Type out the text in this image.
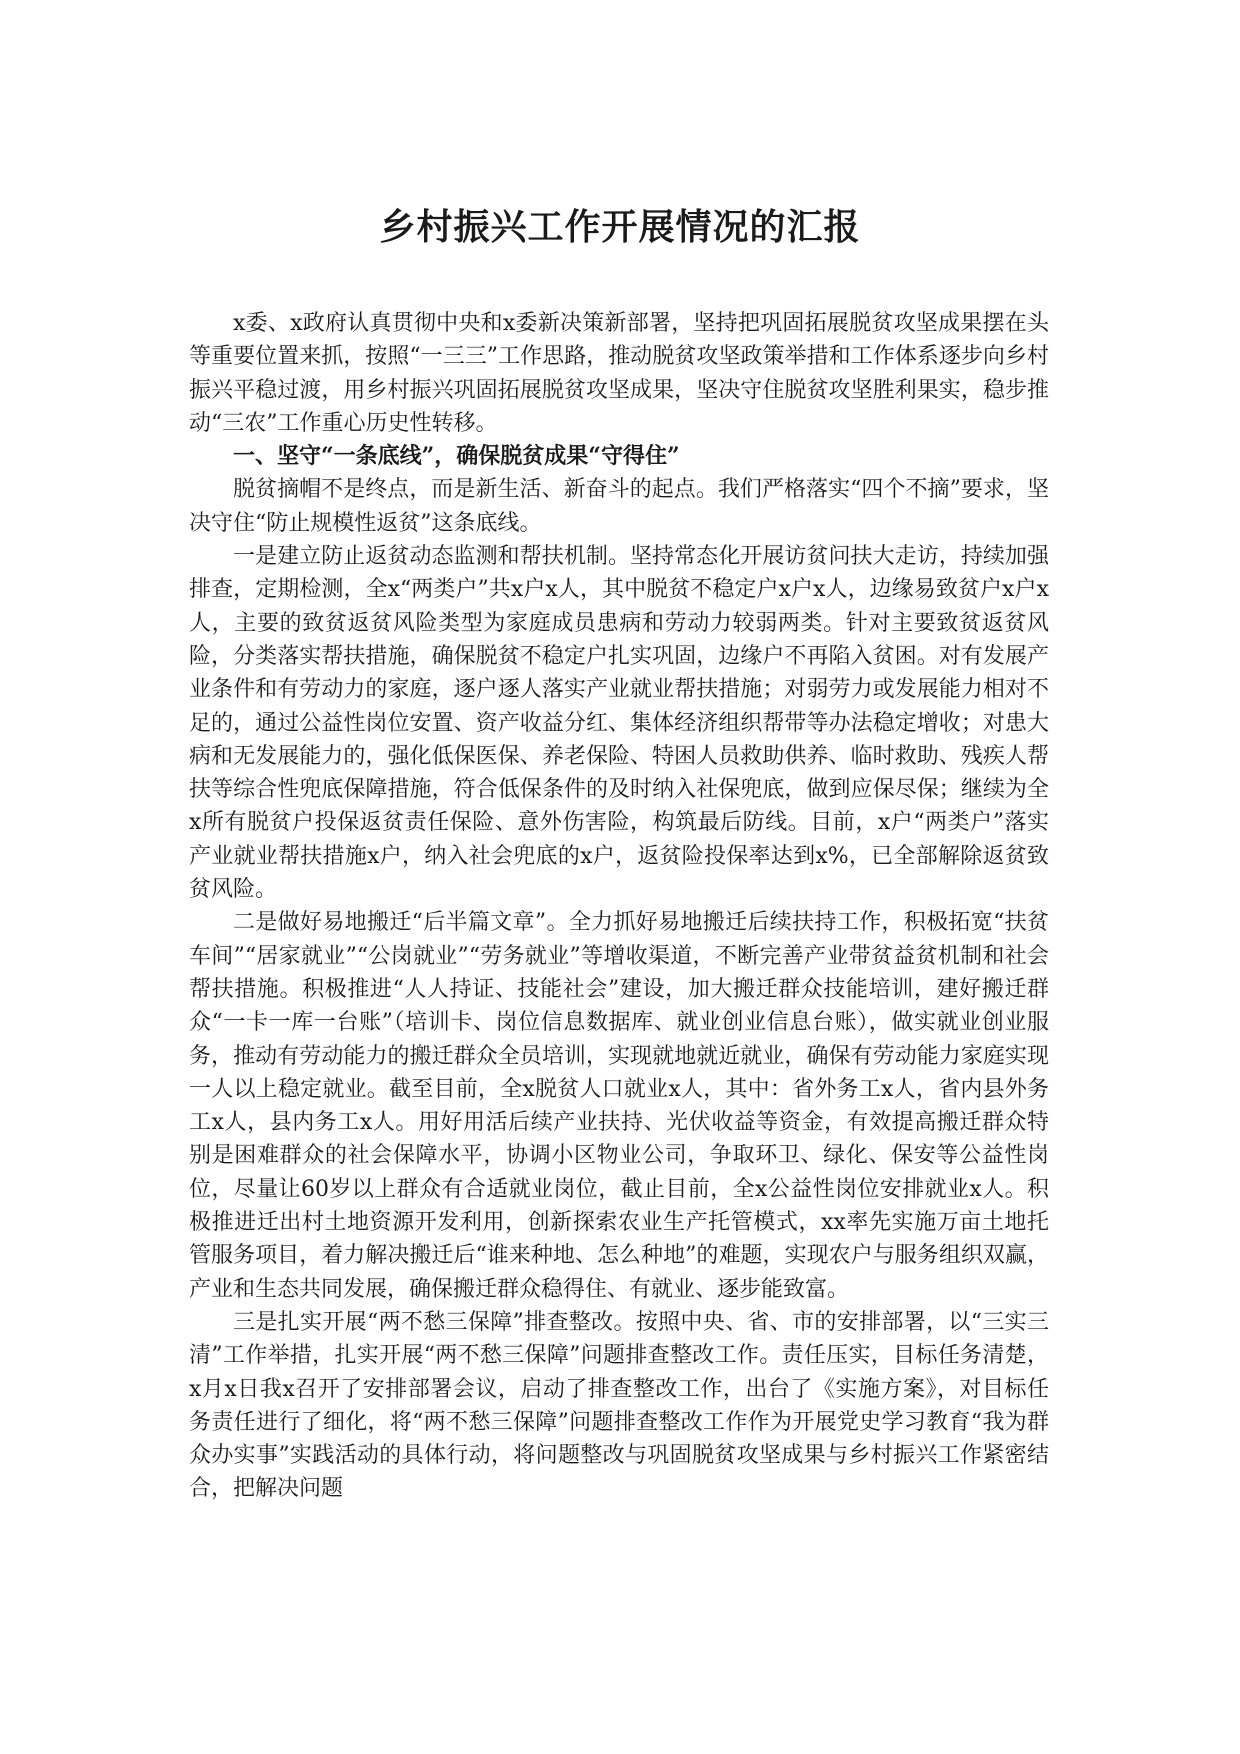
乡村振兴工作开展情况的汇报

x委、x政府认真贯彻中央和x委新决策新部署，坚持把巩固拓展脱贫攻坚成果摆在头等重要位置来抓，按照“一三三”工作思路，推动脱贫攻坚政策举措和工作体系逐步向乡村振兴平稳过渡，用乡村振兴巩固拓展脱贫攻坚成果，坚决守住脱贫攻坚胜利果实，稳步推动“三农”工作重心历史性转移。

一、坚守“一条底线”，确保脱贫成果“守得住”

脱贫摘帽不是终点，而是新生活、新奋斗的起点。我们严格落实“四个不摘”要求，坚决守住“防止规模性返贫”这条底线。

一是建立防止返贫动态监测和帮扶机制。坚持常态化开展访贫问扶大走访，持续加强排查，定期检测，全x“两类户”共x户x人，其中脱贫不稳定户x户x人，边缘易致贫户x户x人，主要的致贫返贫风险类型为家庭成员患病和劳动力较弱两类。针对主要致贫返贫风险，分类落实帮扶措施，确保脱贫不稳定户扎实巩固，边缘户不再陷入贫困。对有发展产业条件和有劳动力的家庭，逐户逐人落实产业就业帮扶措施；对弱劳力或发展能力相对不足的，通过公益性岗位安置、资产收益分红、集体经济组织帮带等办法稳定增收；对患大病和无发展能力的，强化低保医保、养老保险、特困人员救助供养、临时救助、残疾人帮扶等综合性兜底保障措施，符合低保条件的及时纳入社保兜底，做到应保尽保；继续为全x所有脱贫户投保返贫责任保险、意外伤害险，构筑最后防线。目前，x户“两类户”落实产业就业帮扶措施x户，纳入社会兜底的x户，返贫险投保率达到x%，已全部解除返贫致贫风险。

二是做好易地搬迁“后半篇文章”。全力抓好易地搬迁后续扶持工作，积极拓宽“扶贫车间”“居家就业”“公岗就业”“劳务就业”等增收渠道，不断完善产业带贫益贫机制和社会帮扶措施。积极推进“人人持证、技能社会”建设，加大搬迁群众技能培训，建好搬迁群众“一卡一库一台账”（培训卡、岗位信息数据库、就业创业信息台账），做实就业创业服务，推动有劳动能力的搬迁群众全员培训，实现就地就近就业，确保有劳动能力家庭实现一人以上稳定就业。截至目前，全x脱贫人口就业x人，其中：省外务工x人，省内县外务工x人，县内务工x人。用好用活后续产业扶持、光伏收益等资金，有效提高搬迁群众特别是困难群众的社会保障水平，协调小区物业公司，争取环卫、绿化、保安等公益性岗位，尽量让60岁以上群众有合适就业岗位，截止目前，全x公益性岗位安排就业x人。积极推进迁出村土地资源开发利用，创新探索农业生产托管模式，xx率先实施万亩土地托管服务项目，着力解决搬迁后“谁来种地、怎么种地”的难题，实现农户与服务组织双赢，产业和生态共同发展，确保搬迁群众稳得住、有就业、逐步能致富。

三是扎实开展“两不愁三保障”排查整改。按照中央、省、市的安排部署，以“三实三清”工作举措，扎实开展“两不愁三保障”问题排查整改工作。责任压实，目标任务清楚，x月x日我x召开了安排部署会议，启动了排查整改工作，出台了《实施方案》，对目标任务责任进行了细化，将“两不愁三保障”问题排查整改工作作为开展党史学习教育“我为群众办实事”实践活动的具体行动，将问题整改与巩固脱贫攻坚成果与乡村振兴工作紧密结合，把解决问题
